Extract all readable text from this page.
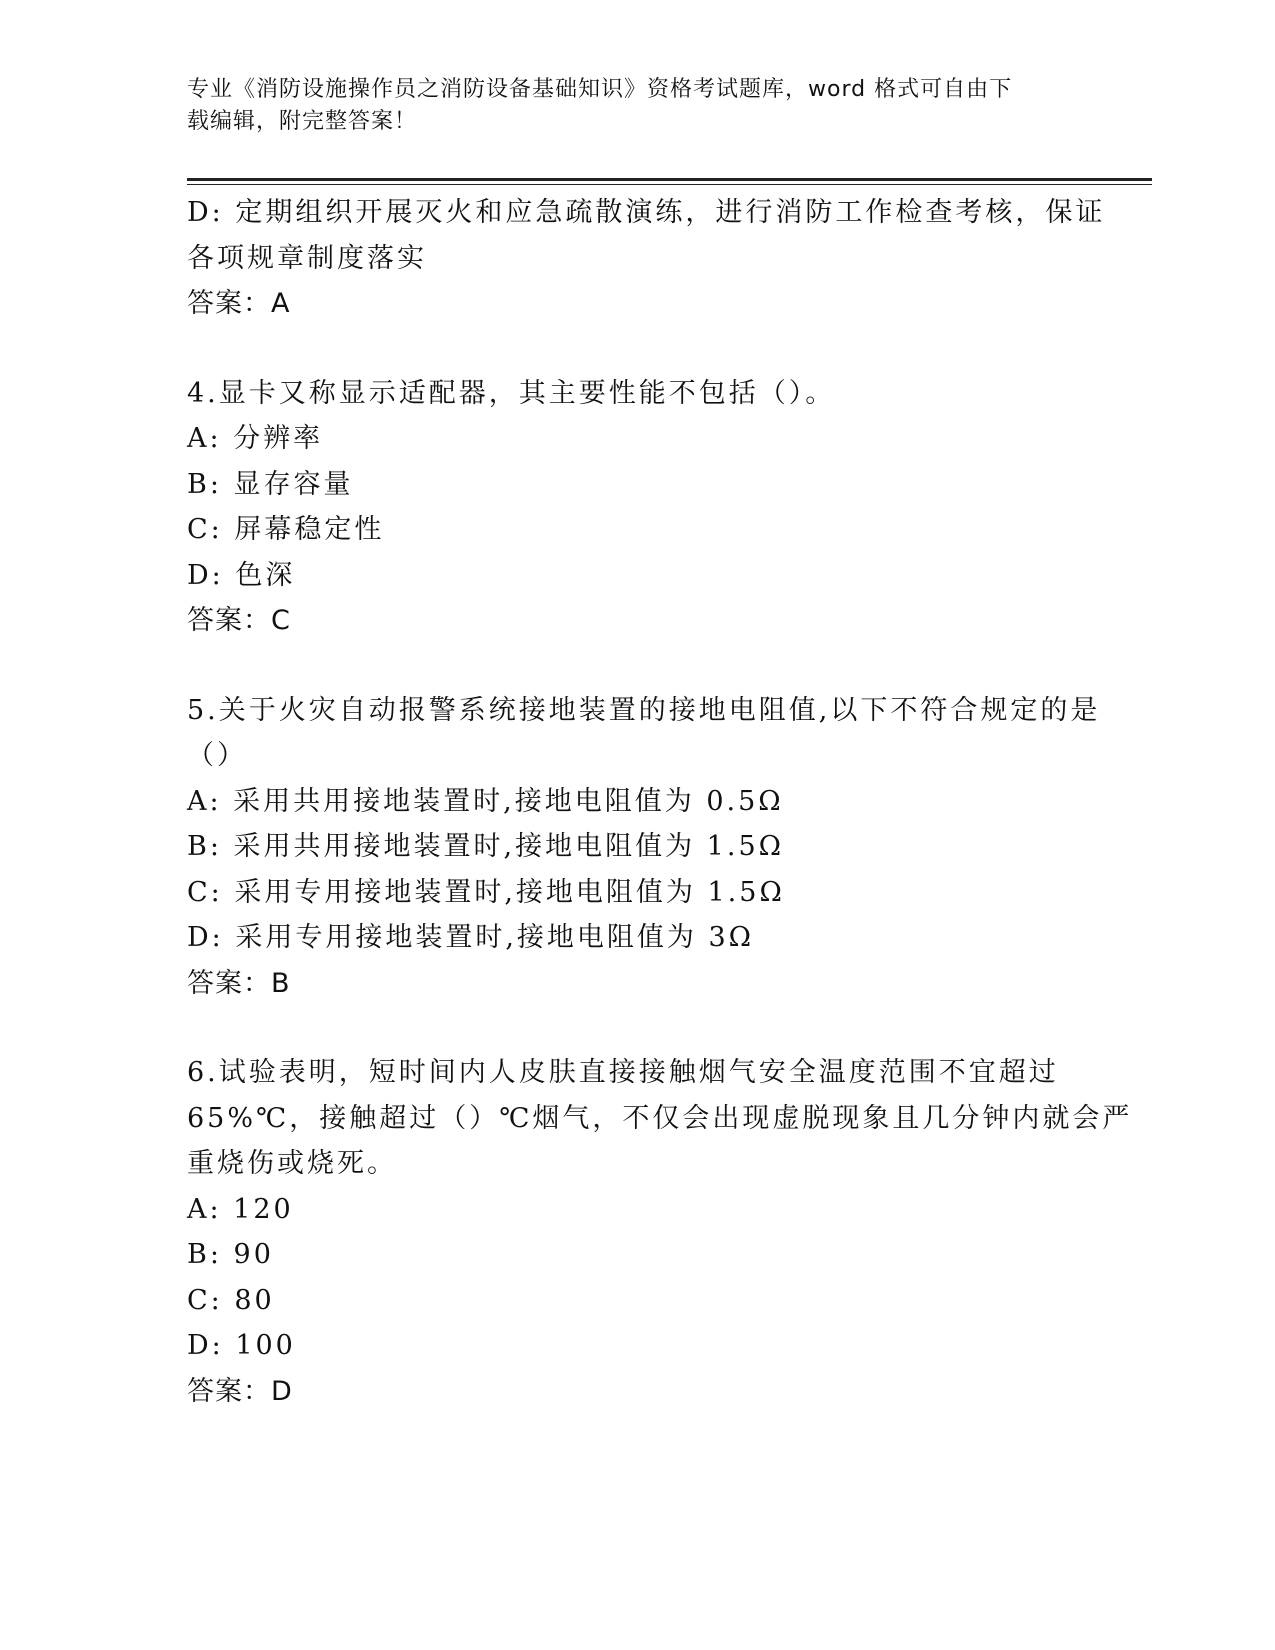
专业《消防设施操作员之消防设备基础知识》资格考试题库，word 格式可自由下
载编辑，附完整答案！

D: 定期组织开展灭火和应急疏散演练，进行消防工作检查考核，保证

各项规章制度落实

答案：A

4.显卡又称显示适配器，其主要性能不包括（）。

A: 分辨率

B: 显存容量

C: 屏幕稳定性

D: 色深

答案：C

5.关于火灾自动报警系统接地装置的接地电阻值,以下不符合规定的是

（）

A: 采用共用接地装置时,接地电阻值为 0.5Ω

B: 采用共用接地装置时,接地电阻值为 1.5Ω

C: 采用专用接地装置时,接地电阻值为 1.5Ω

D: 采用专用接地装置时,接地电阻值为 3Ω

答案：B

6.试验表明，短时间内人皮肤直接接触烟气安全温度范围不宜超过

65%℃，接触超过（）℃烟气，不仅会出现虚脱现象且几分钟内就会严

重烧伤或烧死。

A: 120

B: 90

C: 80

D: 100

答案：D
